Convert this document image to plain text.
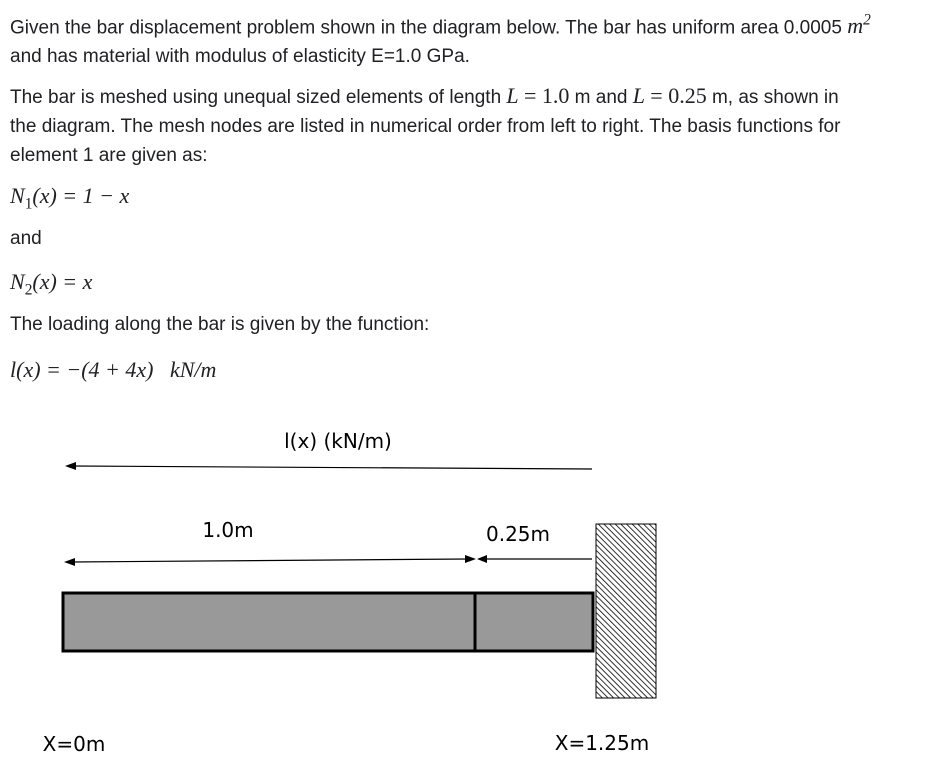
Given the bar displacement problem shown in the diagram below. The bar has uniform area 0.0005 $m^2$
and has material with modulus of elasticity E=1.0 GPa.
The bar is meshed using unequal sized elements of length L = 1.0 m and L = 0.25 m, as shown in
the diagram. The mesh nodes are listed in numerical order from left to right. The basis functions for
element 1 are given as:
$N_1(x) = 1 - x$
and
$N_2(x) = x$
The loading along the bar is given by the function:
l(x) = −(4 + 4x)   kN/m
l(x) (kN/m)
1.0m	0.25m
X=0m	X=1.25m
